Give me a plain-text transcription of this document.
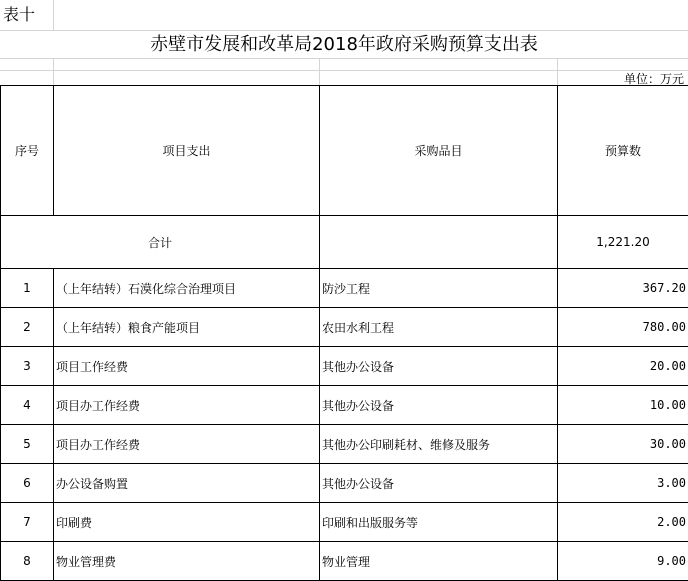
表十
赤壁市发展和改革局2018年政府采购预算支出表
单位：万元
序号	项目支出	采购品目	预算数
合计			1,221.20
1	（上年结转）石漠化综合治理项目	防沙工程	367.20
2	（上年结转）粮食产能项目	农田水利工程	780.00
3	项目工作经费	其他办公设备	20.00
4	项目办工作经费	其他办公设备	10.00
5	项目办工作经费	其他办公印刷耗材、维修及服务	30.00
6	办公设备购置	其他办公设备	3.00
7	印刷费	印刷和出版服务等	2.00
8	物业管理费	物业管理	9.00
